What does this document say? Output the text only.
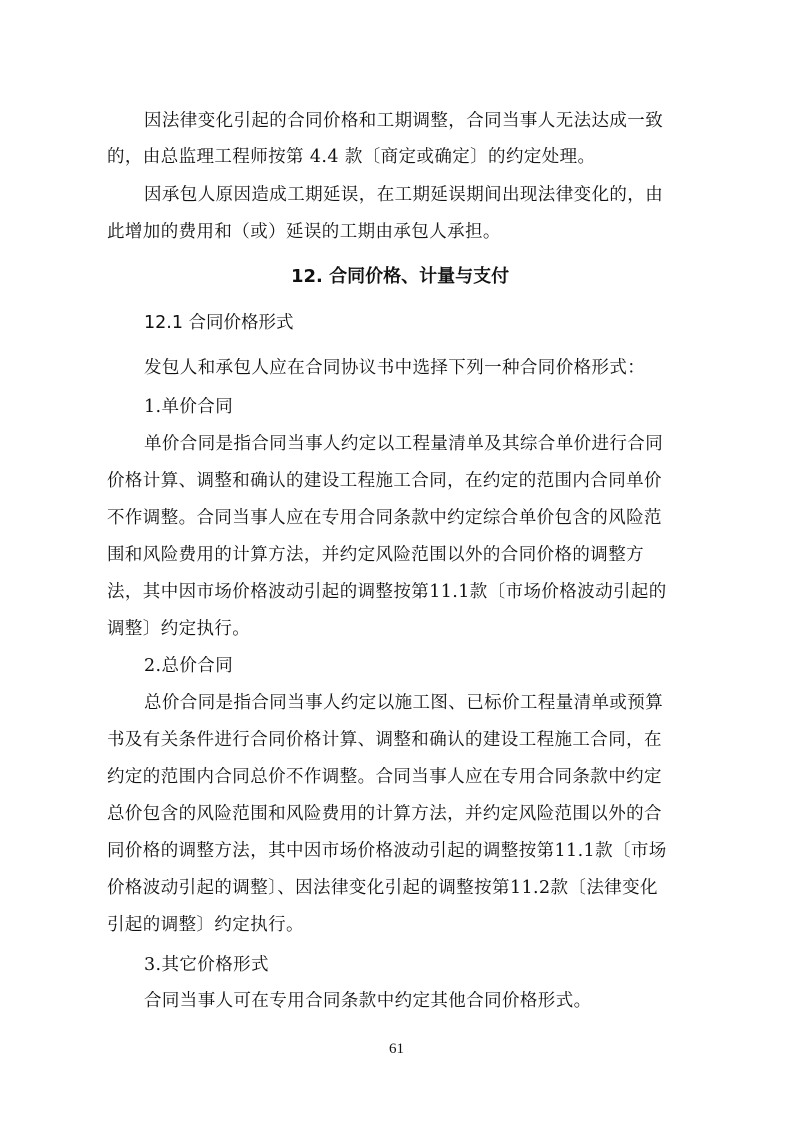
因法律变化引起的合同价格和工期调整，合同当事人无法达成一致
的，由总监理工程师按第 4.4 款〔商定或确定〕的约定处理。
因承包人原因造成工期延误，在工期延误期间出现法律变化的，由
此增加的费用和（或）延误的工期由承包人承担。
12. 合同价格、计量与支付
12.1 合同价格形式
发包人和承包人应在合同协议书中选择下列一种合同价格形式：
1.单价合同
单价合同是指合同当事人约定以工程量清单及其综合单价进行合同
价格计算、调整和确认的建设工程施工合同，在约定的范围内合同单价
不作调整。合同当事人应在专用合同条款中约定综合单价包含的风险范
围和风险费用的计算方法，并约定风险范围以外的合同价格的调整方
法，其中因市场价格波动引起的调整按第11.1款〔市场价格波动引起的
调整〕约定执行。
2.总价合同
总价合同是指合同当事人约定以施工图、已标价工程量清单或预算
书及有关条件进行合同价格计算、调整和确认的建设工程施工合同，在
约定的范围内合同总价不作调整。合同当事人应在专用合同条款中约定
总价包含的风险范围和风险费用的计算方法，并约定风险范围以外的合
同价格的调整方法，其中因市场价格波动引起的调整按第11.1款〔市场
价格波动引起的调整〕、因法律变化引起的调整按第11.2款〔法律变化
引起的调整〕约定执行。
3.其它价格形式
合同当事人可在专用合同条款中约定其他合同价格形式。
61
